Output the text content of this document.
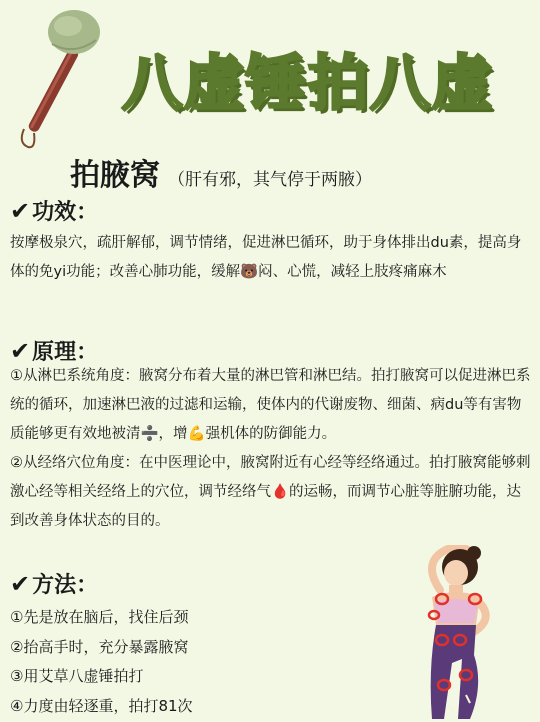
八虚锤拍八虚
拍腋窝 （肝有邪，其气停于两腋）
✔ 功效：

按摩极泉穴，疏肝解郁，调节情绪，促进淋巴循环，助于身体排出du素，提高身体的免yi功能；改善心肺功能，缓解🐻闷、心慌，减轻上肢疼痛麻木

✔ 原理：

①从淋巴系统角度：腋窝分布着大量的淋巴管和淋巴结。拍打腋窝可以促进淋巴系统的循环，加速淋巴液的过滤和运输，使体内的代谢废物、细菌、病du等有害物质能够更有效地被清➗，增💪强机体的防御能力。

②从经络穴位角度：在中医理论中，腋窝附近有心经等经络通过。拍打腋窝能够刺激心经等相关经络上的穴位，调节经络气🩸的运畅，而调节心脏等脏腑功能，达到改善身体状态的目的。

✔ 方法：
①先是放在脑后，找住后颈
②抬高手时，充分暴露腋窝
③用艾草八虚锤拍打
④力度由轻逐重，拍打81次
